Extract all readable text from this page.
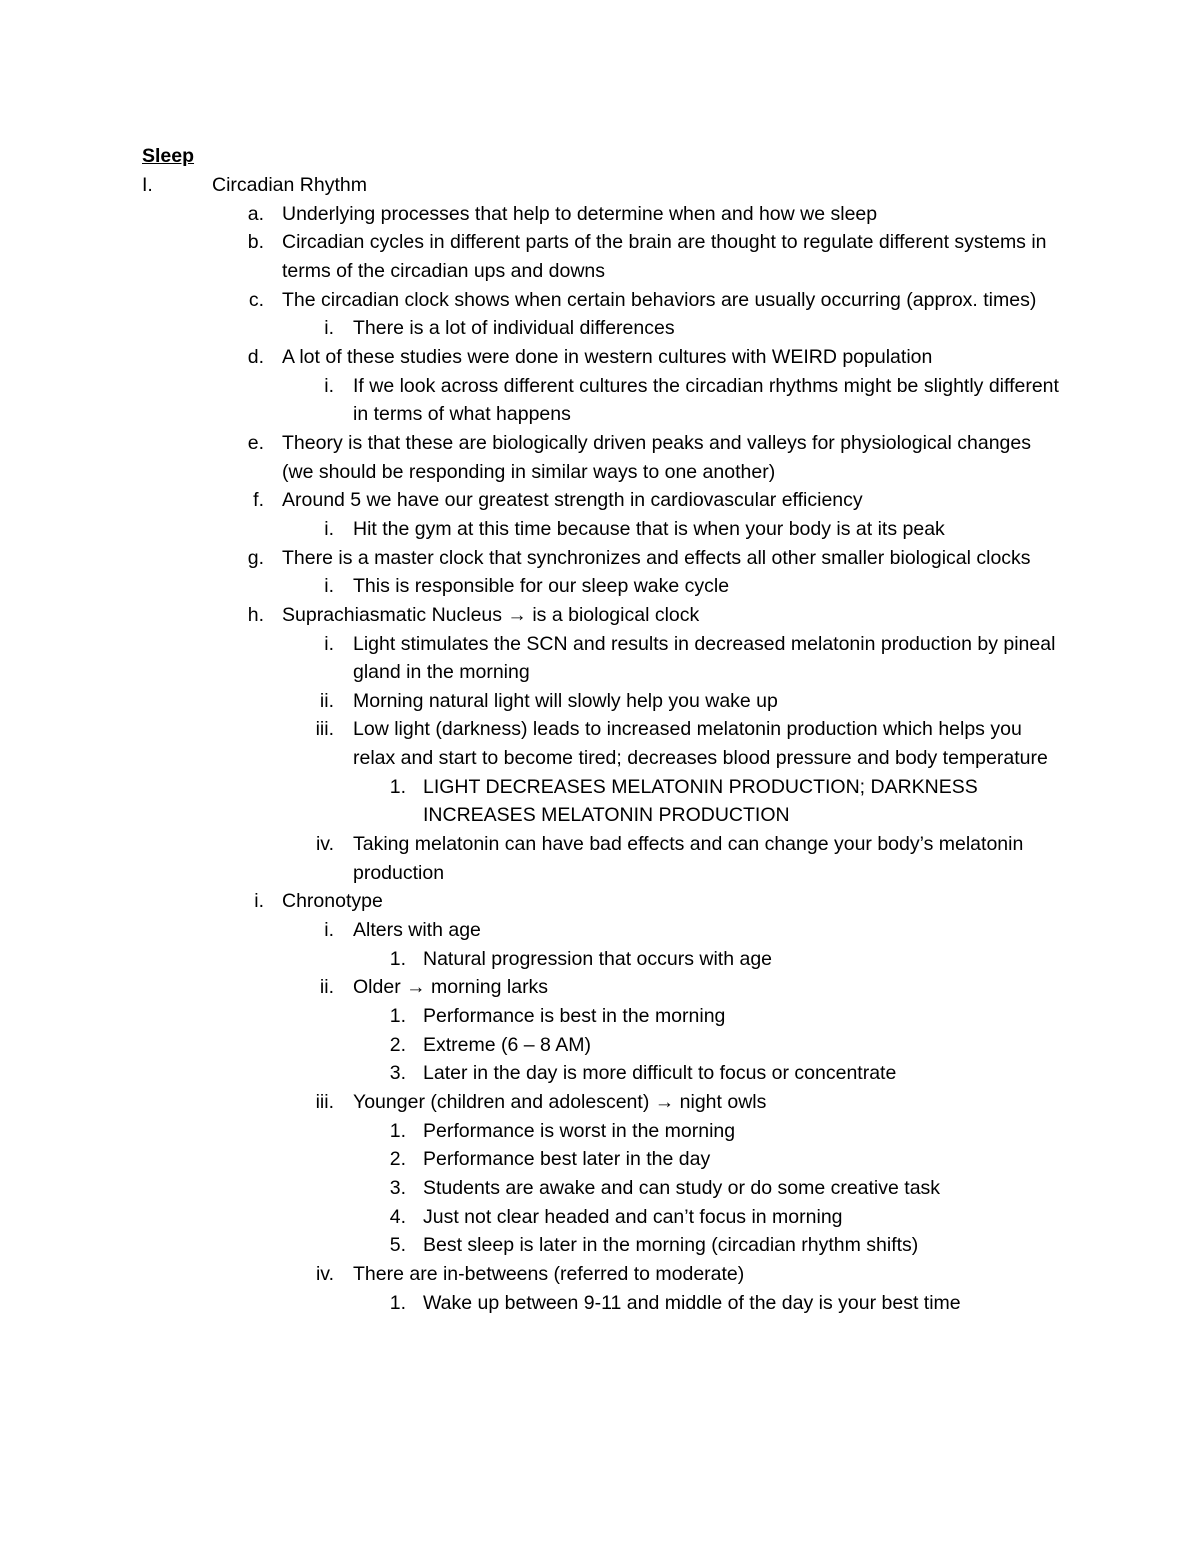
Sleep
I.	Circadian Rhythm
a. Underlying processes that help to determine when and how we sleep
b. Circadian cycles in different parts of the brain are thought to regulate different systems in terms of the circadian ups and downs
c. The circadian clock shows when certain behaviors are usually occurring (approx. times)
i. There is a lot of individual differences
d. A lot of these studies were done in western cultures with WEIRD population
i. If we look across different cultures the circadian rhythms might be slightly different in terms of what happens
e. Theory is that these are biologically driven peaks and valleys for physiological changes (we should be responding in similar ways to one another)
f. Around 5 we have our greatest strength in cardiovascular efficiency
i. Hit the gym at this time because that is when your body is at its peak
g. There is a master clock that synchronizes and effects all other smaller biological clocks
i. This is responsible for our sleep wake cycle
h. Suprachiasmatic Nucleus → is a biological clock
i. Light stimulates the SCN and results in decreased melatonin production by pineal gland in the morning
ii. Morning natural light will slowly help you wake up
iii. Low light (darkness) leads to increased melatonin production which helps you relax and start to become tired; decreases blood pressure and body temperature
1. LIGHT DECREASES MELATONIN PRODUCTION; DARKNESS INCREASES MELATONIN PRODUCTION
iv. Taking melatonin can have bad effects and can change your body’s melatonin production
i. Chronotype
i. Alters with age
1. Natural progression that occurs with age
ii. Older → morning larks
1. Performance is best in the morning
2. Extreme (6 – 8 AM)
3. Later in the day is more difficult to focus or concentrate
iii. Younger (children and adolescent) → night owls
1. Performance is worst in the morning
2. Performance best later in the day
3. Students are awake and can study or do some creative task
4. Just not clear headed and can’t focus in morning
5. Best sleep is later in the morning (circadian rhythm shifts)
iv. There are in-betweens (referred to moderate)
1. Wake up between 9-11 and middle of the day is your best time
